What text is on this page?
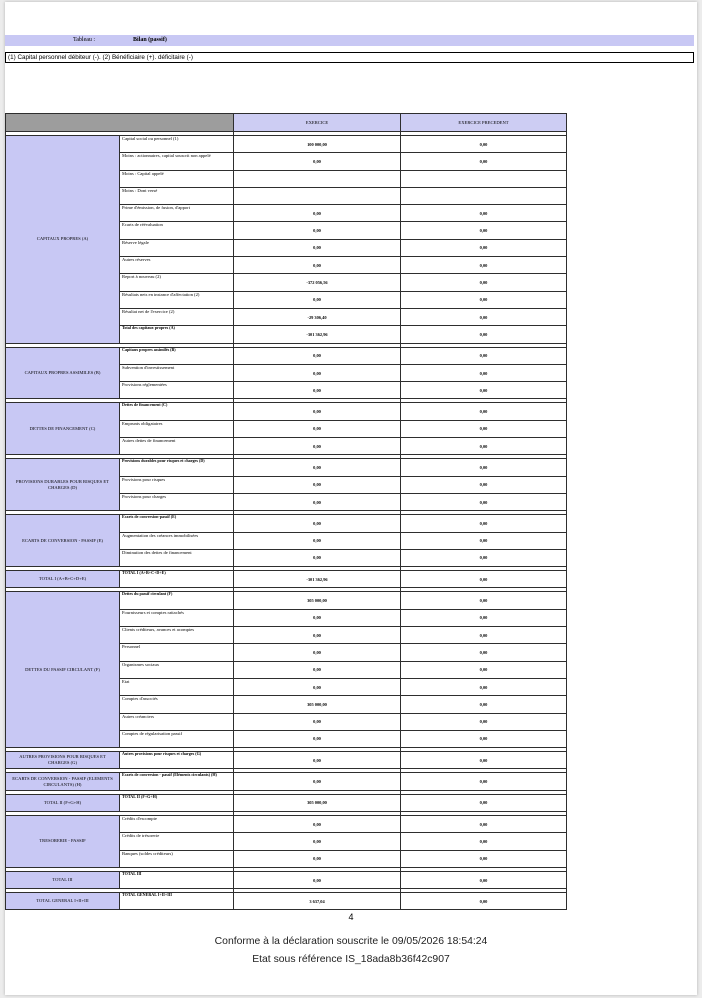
Tableau :	Bilan (passif)
(1) Capital personnel débiteur (-). (2) Bénéficiaire (+). déficitaire (-)
		EXERCICE	EXERCICE PRECEDENT

CAPITAUX PROPRES (A)	Capital social ou personnel (1)	100 000,00	0,00
	Moins : actionnaires, capital souscrit non appelé	0,00	0,00
	Moins : Capital appelé		
	Moins : Dont versé		
	Prime d'émission, de fusion, d'apport	0,00	0,00
	Ecarts de réévaluation	0,00	0,00
	Réserve légale	0,00	0,00
	Autres réserves	0,00	0,00
	Report à nouveau (2)	-372 056,56	0,00
	Résultats nets en instance d'affectation (2)	0,00	0,00
	Résultat net de l'exercice (2)	-29 306,40	0,00
	Total des capitaux propres (A)	-301 362,96	0,00

CAPITAUX PROPRES ASSIMILES (B)	Capitaux propres assimilés (B)	0,00	0,00
	Subvention d'investissement	0,00	0,00
	Provisions réglementées	0,00	0,00

DETTES DE FINANCEMENT (C)	Dettes de financement (C)	0,00	0,00
	Emprunts obligataires	0,00	0,00
	Autres dettes de financement	0,00	0,00

PROVISIONS DURABLES POUR RISQUES ET CHARGES (D)	Provisions durables pour risques et charges (D)	0,00	0,00
	Provisions pour risques	0,00	0,00
	Provisions pour charges	0,00	0,00

ECARTS DE CONVERSION - PASSIF (E)	Ecarts de conversion-passif (E)	0,00	0,00
	Augmentation des créances immobilisées	0,00	0,00
	Diminution des dettes de financement	0,00	0,00

TOTAL I (A+B+C+D+E)	TOTAL I (A+B+C+D+E)	-301 362,96	0,00

DETTES DU PASSIF CIRCULANT (F)	Dettes du passif circulant (F)	305 000,00	0,00
	Fournisseurs et comptes rattachés	0,00	0,00
	Clients créditeurs, avances et acomptes	0,00	0,00
	Personnel	0,00	0,00
	Organismes sociaux	0,00	0,00
	Etat	0,00	0,00
	Comptes d'associés	305 000,00	0,00
	Autres créanciers	0,00	0,00
	Comptes de régularisation passif	0,00	0,00

AUTRES PROVISIONS POUR RISQUES ET CHARGES (G)	Autres provisions pour risques et charges (G)	0,00	0,00

ECARTS DE CONVERSION - PASSIF (ELEMENTS CIRCULANTS) (H)	Ecarts de conversion - passif (Eléments circulants) (H)	0,00	0,00

TOTAL II (F+G+H)	TOTAL II (F+G+H)	305 000,00	0,00

TRESORERIE - PASSIF	Crédits d'escompte	0,00	0,00
	Crédits de trésorerie	0,00	0,00
	Banques (soldes créditeurs)	0,00	0,00

TOTAL III	TOTAL III	0,00	0,00

TOTAL GENERAL I+II+III	TOTAL GENERAL I+II+III	3 637,04	0,00
4
Conforme à la déclaration souscrite le 09/05/2026 18:54:24
Etat sous référence IS_18ada8b36f42c907
